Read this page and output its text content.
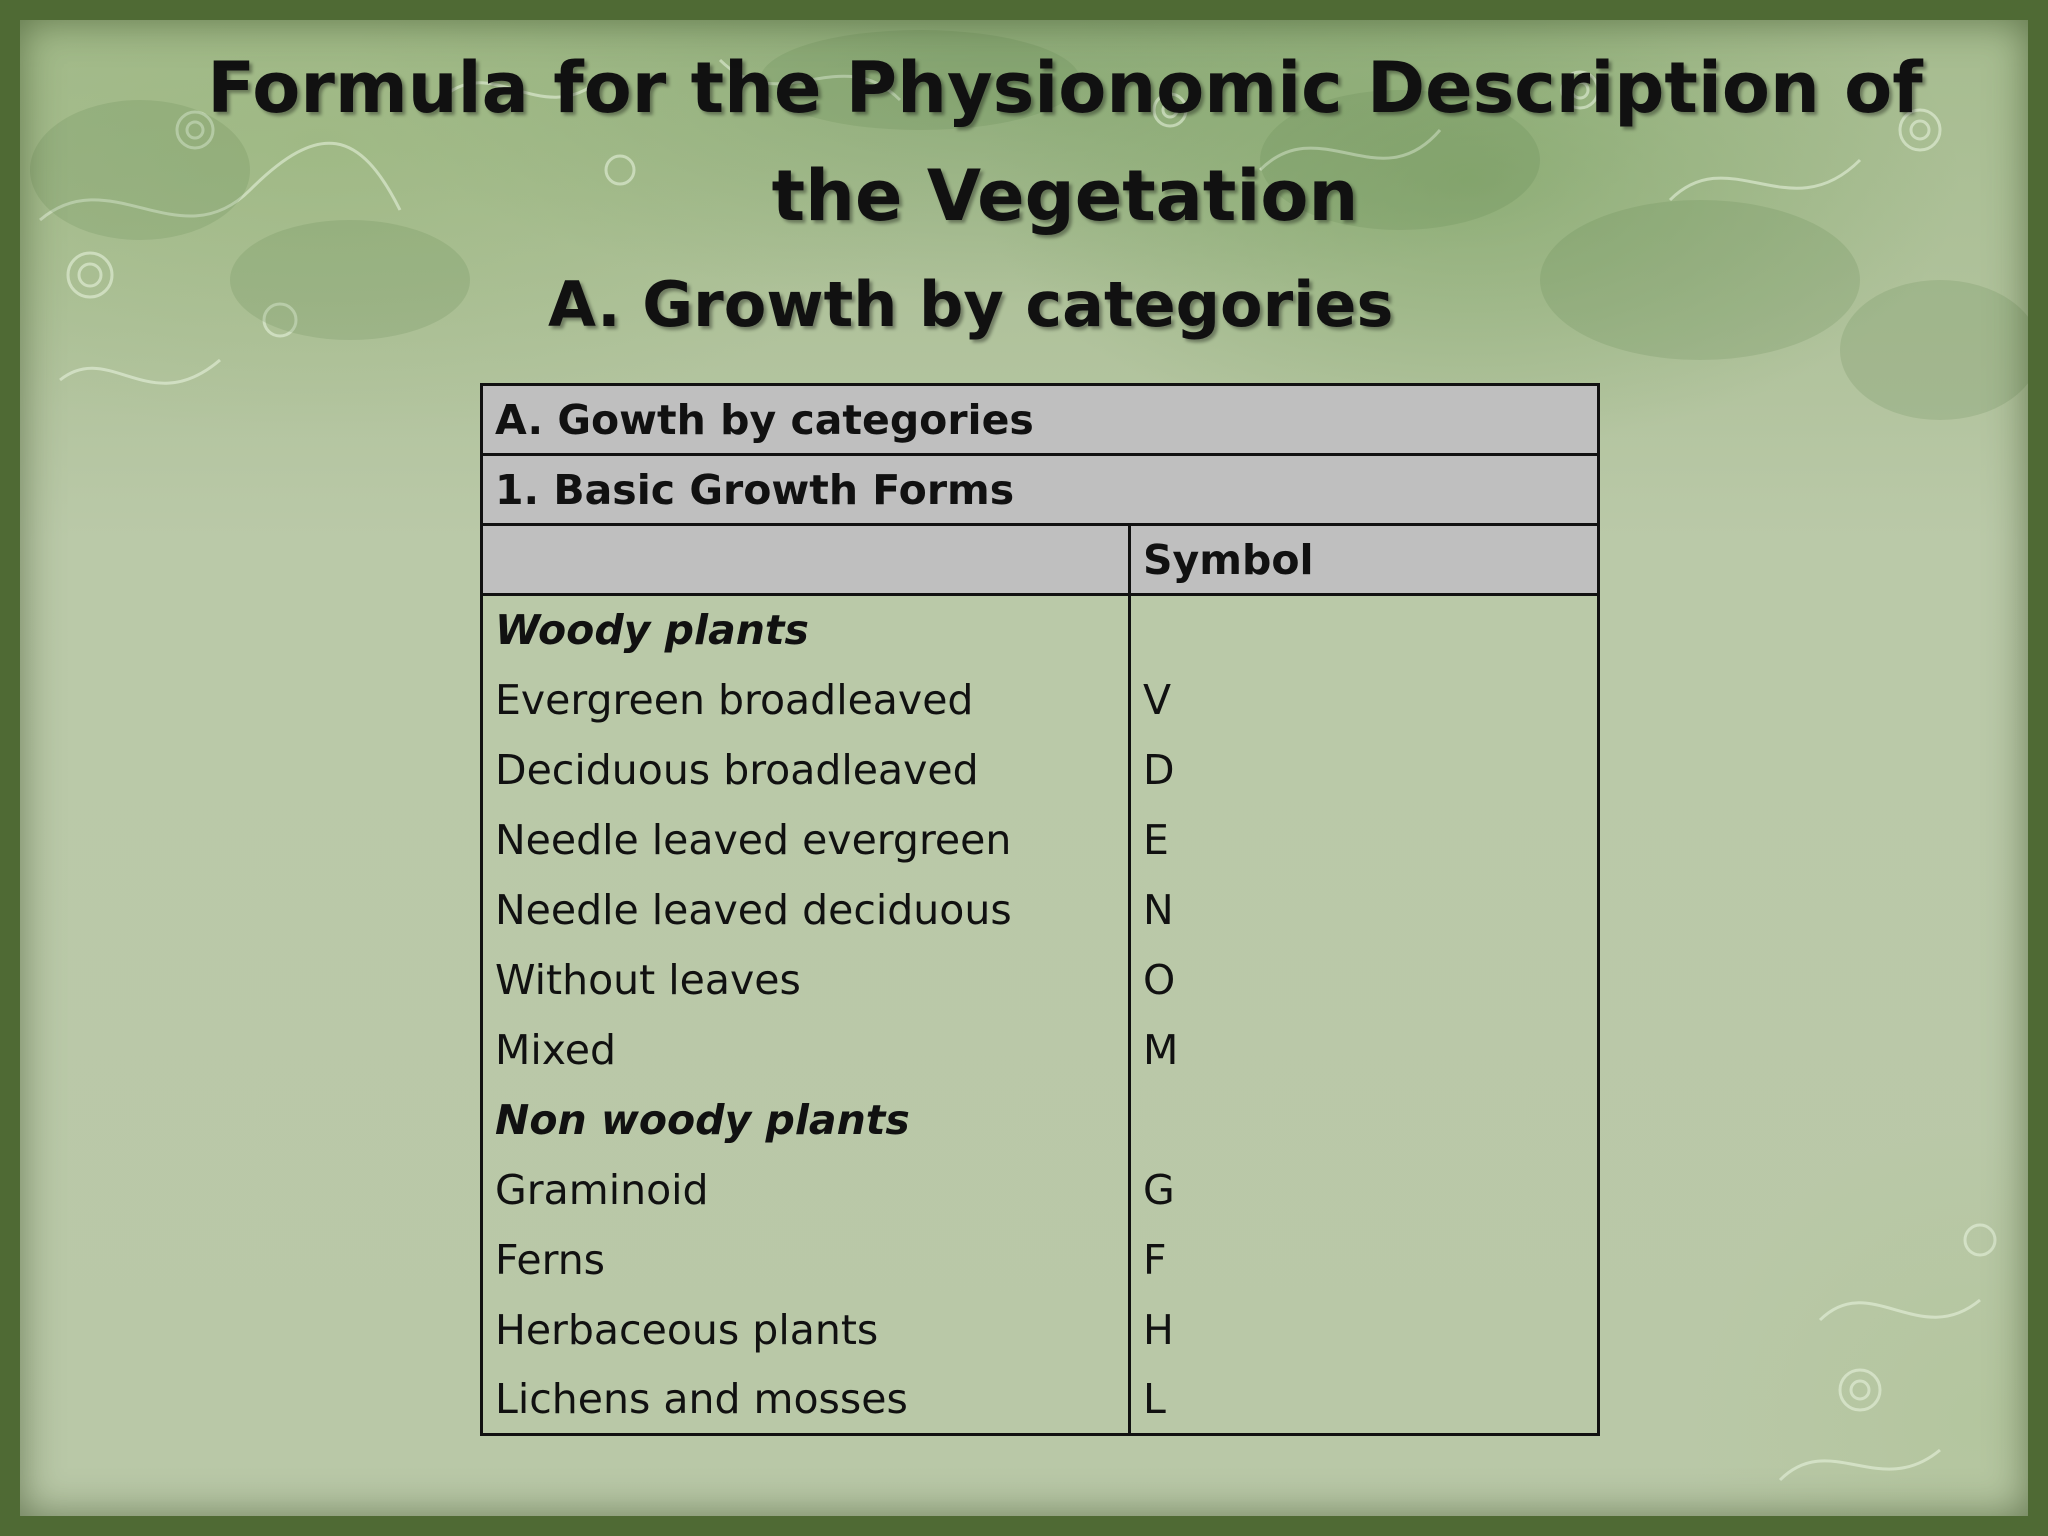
Formula for the Physionomic Description of the Vegetation
A. Growth by categories
A. Gowth by categories	
1. Basic Growth Forms	
	Symbol
Woody plants	
Evergreen broadleaved	V
Deciduous broadleaved	D
Needle leaved evergreen	E
Needle leaved deciduous	N
Without leaves	O
Mixed	M
Non woody plants	
Graminoid	G
Ferns	F
Herbaceous plants	H
Lichens and mosses	L
